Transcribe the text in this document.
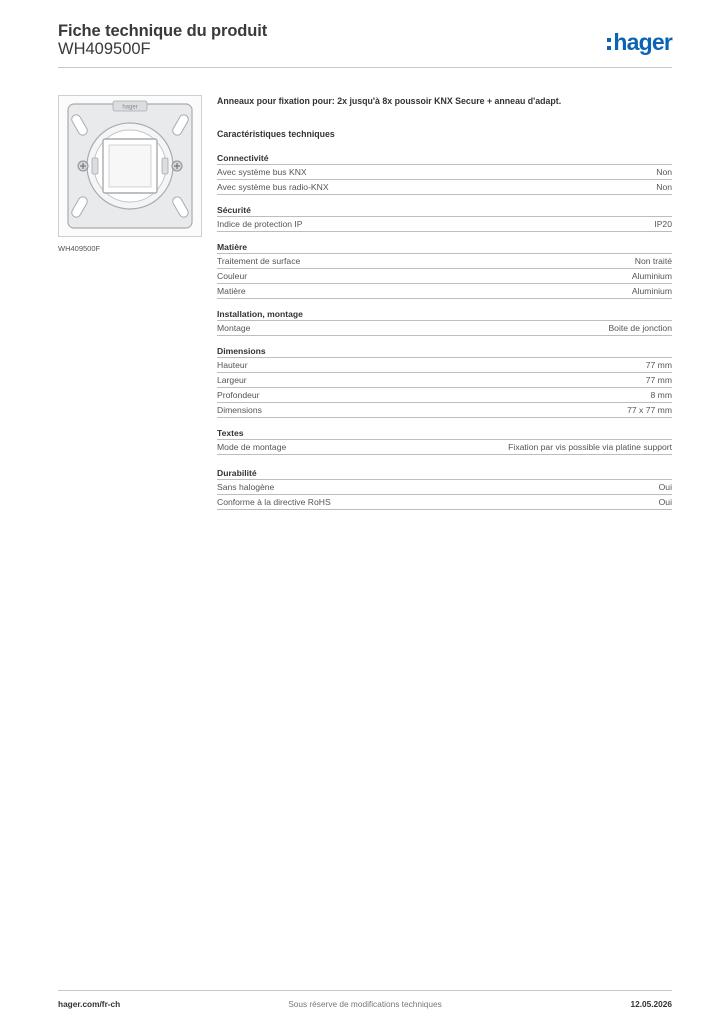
Fiche technique du produit
WH409500F	hager
hager
WH409500F
Anneaux pour fixation pour: 2x jusqu'à 8x poussoir KNX Secure + anneau d'adapt.
Caractéristiques techniques
Connectivité
Avec système bus KNX	Non
Avec système bus radio-KNX	Non
Sécurité
Indice de protection IP	IP20
Matière
Traitement de surface	Non traité
Couleur	Aluminium
Matière	Aluminium
Installation, montage
Montage	Boite de jonction
Dimensions
Hauteur	77 mm
Largeur	77 mm
Profondeur	8 mm
Dimensions	77 x 77 mm
Textes
Mode de montage	Fixation par vis possible via platine support
Durabilité
Sans halogène	Oui
Conforme à la directive RoHS	Oui
hager.com/fr-ch	Sous réserve de modifications techniques	12.05.2026
